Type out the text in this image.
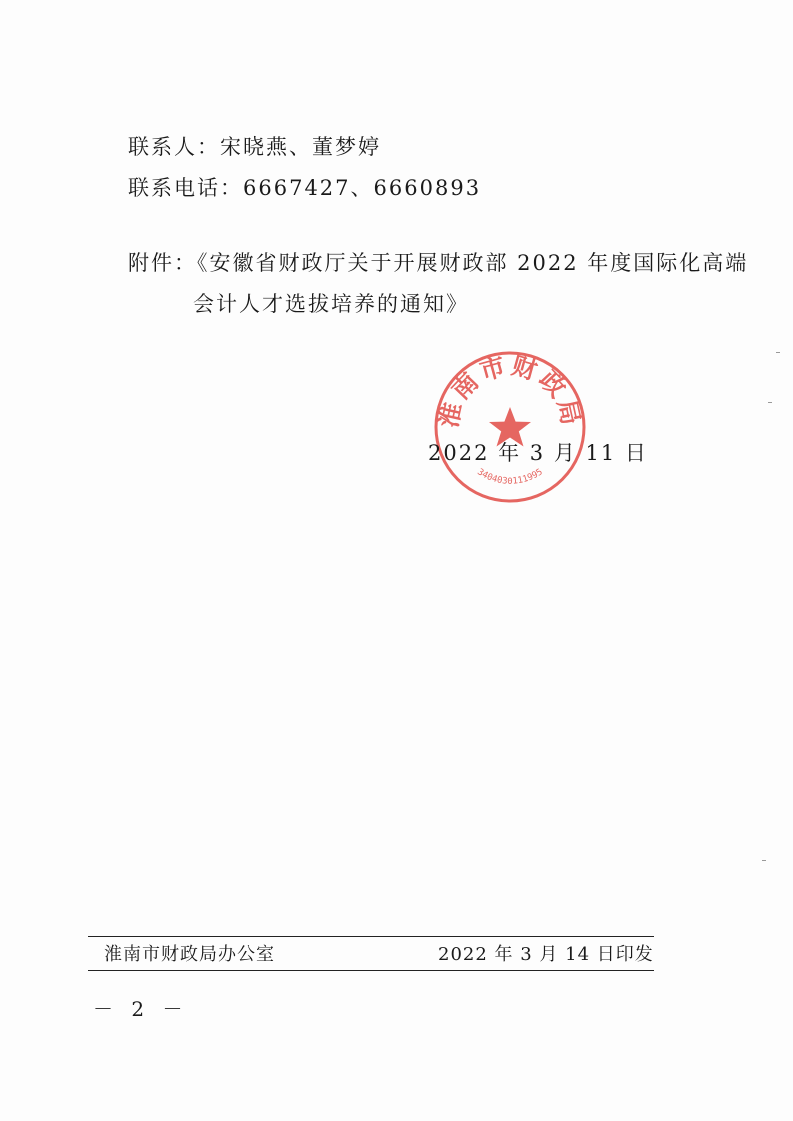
联系人：宋晓燕、董梦婷
联系电话：6667427、6660893
附件：《安徽省财政厅关于开展财政部 2022 年度国际化高端
会计人才选拔培养的通知》
淮南市财政局
3404030111995
2022 年 3 月 11 日
淮南市财政局办公室	2022 年 3 月 14 日印发
－ 2 －
